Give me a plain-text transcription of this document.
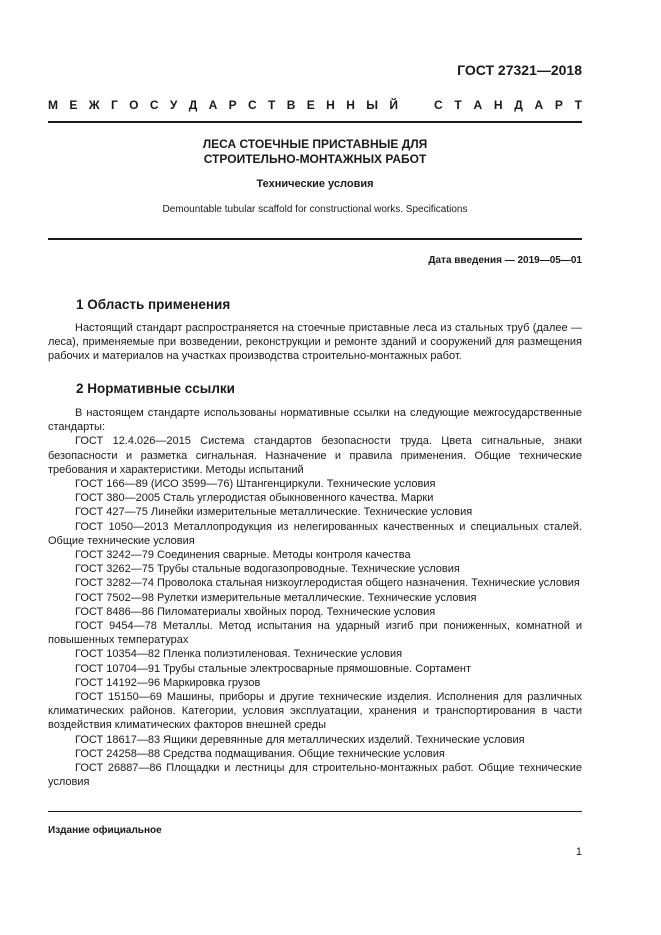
ГОСТ 27321—2018
М Е Ж Г О С У Д А Р С Т В Е Н Н Ы Й	С Т А Н Д А Р Т
ЛЕСА СТОЕЧНЫЕ ПРИСТАВНЫЕ ДЛЯ
СТРОИТЕЛЬНО-МОНТАЖНЫХ РАБОТ
Технические условия
Demountable tubular scaffold for constructional works. Specifications
Дата введения — 2019—05—01
1 Область применения

Настоящий стандарт распространяется на стоечные приставные леса из стальных труб (далее — леса), применяемые при возведении, реконструкции и ремонте зданий и сооружений для размещения рабочих и материалов на участках производства строительно-монтажных работ.

2 Нормативные ссылки

В настоящем стандарте использованы нормативные ссылки на следующие межгосударственные стандарты:

ГОСТ 12.4.026—2015 Система стандартов безопасности труда. Цвета сигнальные, знаки безопасности и разметка сигнальная. Назначение и правила применения. Общие технические требования и характеристики. Методы испытаний

ГОСТ 166—89 (ИСО 3599—76) Штангенциркули. Технические условия

ГОСТ 380—2005 Сталь углеродистая обыкновенного качества. Марки

ГОСТ 427—75 Линейки измерительные металлические. Технические условия

ГОСТ 1050—2013 Металлопродукция из нелегированных качественных и специальных сталей. Общие технические условия

ГОСТ 3242—79 Соединения сварные. Методы контроля качества

ГОСТ 3262—75 Трубы стальные водогазопроводные. Технические условия

ГОСТ 3282—74 Проволока стальная низкоуглеродистая общего назначения. Технические условия

ГОСТ 7502—98 Рулетки измерительные металлические. Технические условия

ГОСТ 8486—86 Пиломатериалы хвойных пород. Технические условия

ГОСТ 9454—78 Металлы. Метод испытания на ударный изгиб при пониженных, комнатной и повышенных температурах

ГОСТ 10354—82 Пленка полиэтиленовая. Технические условия

ГОСТ 10704—91 Трубы стальные электросварные прямошовные. Сортамент

ГОСТ 14192—96 Маркировка грузов

ГОСТ 15150—69 Машины, приборы и другие технические изделия. Исполнения для различных климатических районов. Категории, условия эксплуатации, хранения и транспортирования в части воздействия климатических факторов внешней среды

ГОСТ 18617—83 Ящики деревянные для металлических изделий. Технические условия

ГОСТ 24258—88 Средства подмащивания. Общие технические условия

ГОСТ 26887—86 Площадки и лестницы для строительно-монтажных работ. Общие технические условия

Издание официальное
1
